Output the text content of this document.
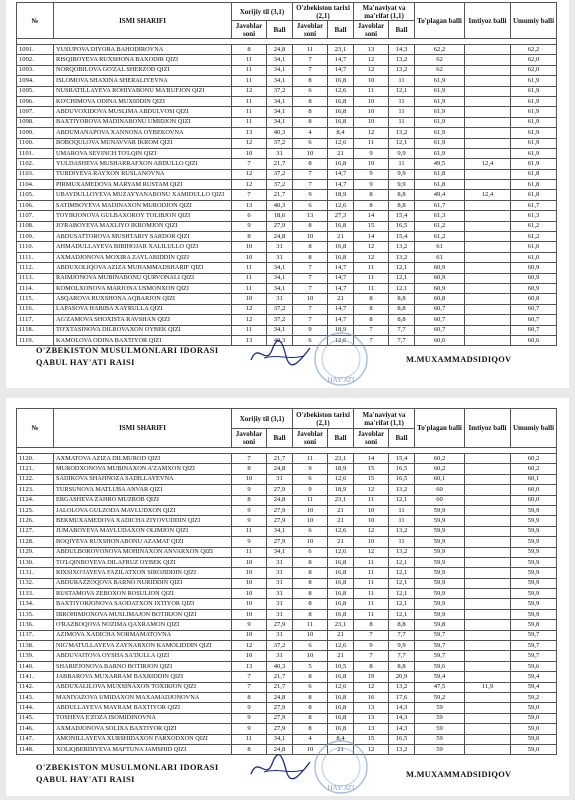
№	ISMI SHARIFI	Xorijiy til (3,1)		O'zbekiston tarixi (2,1)		Ma'naviyat va ma'rifat (1,1)		To'plagan balli	Imtiyoz balli	Umumiy balli
		Javoblar soni	Ball	Javoblar soni	Ball	Javoblar soni	Ball			

1091.	YUSUPOVA DIYORA BAHODIROVNA	8	24,8	11	23,1	13	14,3	62,2		62,2
1092.	RISQIBOYEVA RUXSHONA BAXODIR QIZI	11	34,1	7	14,7	12	13,2	62		62,0
1093.	NORQOBILOVA GO'ZAL SHERZOD QIZI	11	34,1	7	14,7	12	13,2	62		62,0
1094.	ISLOMOVA SHAXINA SHERALIYEVNA	11	34,1	8	16,8	10	11	61,9		61,9
1095.	NUSRATILLAYEVA ROHIYABONU MA'RUFJON QIZI	12	37,2	6	12,6	11	12,1	61,9		61,9
1096.	KO'CHIMOVA ODINA MUXIDDIN QIZI	11	34,1	8	16,8	10	11	61,9		61,9
1097.	ABDUVOXIDOVA MUSLIMA ABDULVOSI QIZI	11	34,1	8	16,8	10	11	61,9		61,9
1098.	BAXTIYOROVA MADINABONU UMIDJON QIZI	11	34,1	8	16,8	10	11	61,9		61,9
1099.	ABDUMANAPOVA XANNONA OYBEKOVNA	13	40,3	4	8,4	12	13,2	61,9		61,9
1100.	BOBOQULOVA MUNAVVAR IKROM QIZI	12	37,2	6	12,6	11	12,1	61,9		61,9
1101.	UMAROVA SEVINCH TO'LQIN QIZI	10	31	10	21	9	9,9	61,9		61,9
1102.	YULDASHEVA MUSHARRAFXON ABDULLO QIZI	7	21,7	8	16,8	10	11	49,5	12,4	61,9
1103.	TURDIYEVA RAYXON RUSLANOVNA	12	37,2	7	14,7	9	9,9	61,8		61,8
1104.	PIRMUXAMEDOVA MARYAM RUSTAM QIZI	12	37,2	7	14,7	9	9,9	61,8		61,8
1105.	UBAYDULLOYEVA MUZAYYANABONU XAMIDULLO QIZI	7	21,7	9	18,9	8	8,8	49,4	12,4	61,8
1106.	SATIMBOYEVA MADINAXON MURODJON QIZI	13	40,3	6	12,6	8	8,8	61,7		61,7
1107.	TOYIRJONOVA GULBAXOROY TOLIBJON QIZI	6	18,6	13	27,3	14	15,4	61,3		61,3
1108.	JO'RABOYEVA MAXLIYO IKROMJON QIZI	9	27,9	8	16,8	15	16,5	61,2		61,2
1109.	ABDUSATTOROVA MUSHTARIY SARDOR QIZI	8	24,8	10	21	14	15,4	61,2		61,2
1110.	AHMADULLAYEVA BIBIHOJAR XALILULLO QIZI	10	31	8	16,8	12	13,2	61		61,0
1111.	AXMADJONOVA MOXIRA ZAYLABIDDIN QIZI	10	31	8	16,8	12	13,2	61		61,0
1112.	ABDUXOLIQOVA AZIZA MUHAMMADSHARIF QIZI	11	34,1	7	14,7	11	12,1	60,9		60,9
1113.	RAIMJONOVA MUBINABONU QURVONALI QIZI	11	34,1	7	14,7	11	12,1	60,9		60,9
1114.	KOMOLXONOVA MARJONA USMONXON QIZI	11	34,1	7	14,7	11	12,1	60,9		60,9
1115.	ASQAROVA RUXSHONA AQBARJON QIZI	10	31	10	21	8	8,8	60,8		60,8
1116.	LAPASOVA HABIBA XAYRULLA QIZI	12	37,2	7	14,7	8	8,8	60,7		60,7
1117.	AG'ZAMOVA SHOXISTA RAVSHAN QIZI	12	37,2	7	14,7	8	8,8	60,7		60,7
1118.	TO'XTASINOVA DILROVAXON OYBEK QIZI	11	34,1	9	18,9	7	7,7	60,7		60,7
1119.	KAMOLOVA ODINA BAXTIYOR QIZI	13	40,3	6	12,6	7	7,7	60,6		60,6
O'ZBEKISTON MUSULMONLARI IDORASI
QABUL HAY'ATI RAISI
HAY'ATI
M.MUXAMMADSIDIQOV
№	ISMI SHARIFI	Xorijiy til (3,1)		O'zbekiston tarixi (2,1)		Ma'naviyat va ma'rifat (1,1)		To'plagan balli	Imtiyoz balli	Umumiy balli
		Javoblar soni	Ball	Javoblar soni	Ball	Javoblar soni	Ball			

1120.	AXMATOVA AZIZA DILMUROD QIZI	7	21,7	11	23,1	14	15,4	60,2		60,2
1121.	MURODXONOVA MUBINAXON A'ZAMXON QIZI	8	24,8	9	18,9	15	16,5	60,2		60,2
1122.	SADIKOVA SHAHNOZA SADILLAYEVNA	10	31	6	12,6	15	16,5	60,1		60,1
1123.	TURSUNOVA MATLUBA ANVAR QIZI	9	27,9	9	18,9	12	13,2	60		60,0
1124.	ERGASHEVA ZAHRO MUZROB QIZI	8	24,8	11	23,1	11	12,1	60		60,0
1125.	JALOLOVA GULZODA MAVLUDXON QIZI	9	27,9	10	21	10	11	59,9		59,9
1126.	BEKMUXAMEDOVA XADICHA ZIYOVUDDIN QIZI	9	27,9	10	21	10	11	59,9		59,9
1127.	JUMABOYEVA MAVLUDAXON OLIMJON QIZI	11	34,1	6	12,6	12	13,2	59,9		59,9
1128.	BOQIYEVA RUXSHONABONU AZAMAT QIZI	9	27,9	10	21	10	11	59,9		59,9
1129.	ABDULBOROVONOVA MOHINAXON ANVARXON QIZI	11	34,1	6	12,6	12	13,2	59,9		59,9
1130.	TO'LQINBOYEVA DILAFRUZ OYBEK QIZI	10	31	8	16,8	11	12,1	59,9		59,9
1131.	RIXSIXO'JAYEVA FAZILATXON SIROJIDDIN QIZI	10	31	8	16,8	11	12,1	59,9		59,9
1132.	ABDURAZZOQOVA BARNO NURIDDIN QIZI	10	31	8	16,8	11	12,1	59,9		59,9
1133.	RUSTAMOVA ZEBOXON ROSULJON QIZI	10	31	8	16,8	11	12,1	59,9		59,9
1134.	BAXTIYORJONOVA SAODATXON IXTIYOR QIZI	10	31	8	16,8	11	12,1	59,9		59,9
1135.	IBROHIMJONOVA MUSLIMAJON BOTIRJON QIZI	10	31	8	16,8	11	12,1	59,9		59,9
1136.	O'RAZBOQOVA NOZIMA QAXRAMON QIZI	9	27,9	11	23,1	8	8,8	59,8		59,8
1137.	AZIMOVA XADICHA NORMAMATOVNA	10	31	10	21	7	7,7	59,7		59,7
1138.	NIG'MATULLAYEVA ZAYNABXON KAMOLIDDIN QIZI	12	37,2	6	12,6	9	9,9	59,7		59,7
1139.	ABDUVAITOVA OYSHA SA'DULLA QIZI	10	31	10	21	7	7,7	59,7		59,7
1140.	SHARIFJONOVA BARNO BOTIRJON QIZI	13	40,3	5	10,5	8	8,8	59,6		59,6
1141.	JABBAROVA MUXARRAM BAXRIDDIN QIZI	7	21,7	8	16,8	19	20,9	59,4		59,4
1142.	ABDUXALILOVA MUXSINAXON TOXIRJON QIZI	7	21,7	6	12,6	12	13,2	47,5	11,9	59,4
1143.	MANIYAZOVA UMIDAXON MAXAMADJONOVNA	8	24,8	8	16,8	16	17,6	59,2		59,2
1144.	ABDULLAYEVA MAYRAM BAXTIYOR QIZI	9	27,9	8	16,8	13	14,3	59		59,0
1145.	TOSHEVA E'ZOZA ISOMIDINOVNA	9	27,9	8	16,8	13	14,3	59		59,0
1146.	AXMADJONOVA SOLIXA BAXTIYOR QIZI	9	27,9	8	16,8	13	14,3	59		59,0
1147.	AMONILLAYEVA XURSHIDAXON FARXODXON QIZI	11	34,1	4	8,4	15	16,5	59		59,0
1148.	XOLIQBERDIYEVA MAFTUNA JAMSHID QIZI	8	24,8	10	21	12	13,2	59		59,0
O'ZBEKISTON MUSULMONLARI IDORASI
QABUL HAY'ATI RAISI
HAY'ATI
M.MUXAMMADSIDIQOV
